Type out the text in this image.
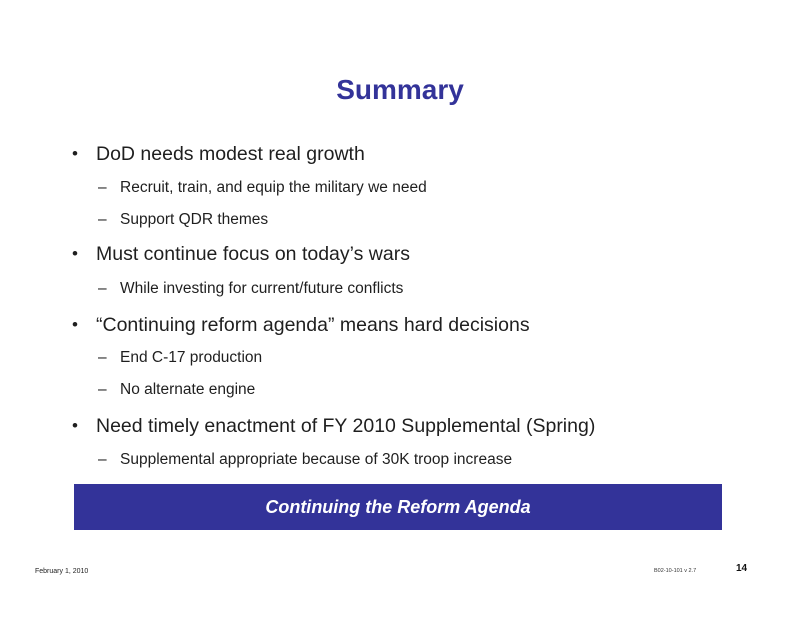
Summary
• DoD needs modest real growth
– Recruit, train, and equip the military we need
– Support QDR themes
• Must continue focus on today’s wars
– While investing for current/future conflicts
• “Continuing reform agenda” means hard decisions
– End C-17 production
– No alternate engine
• Need timely enactment of FY 2010 Supplemental (Spring)
– Supplemental appropriate because of 30K troop increase
Continuing the Reform Agenda
February 1, 2010	B02-10-101 v 2.7	14
